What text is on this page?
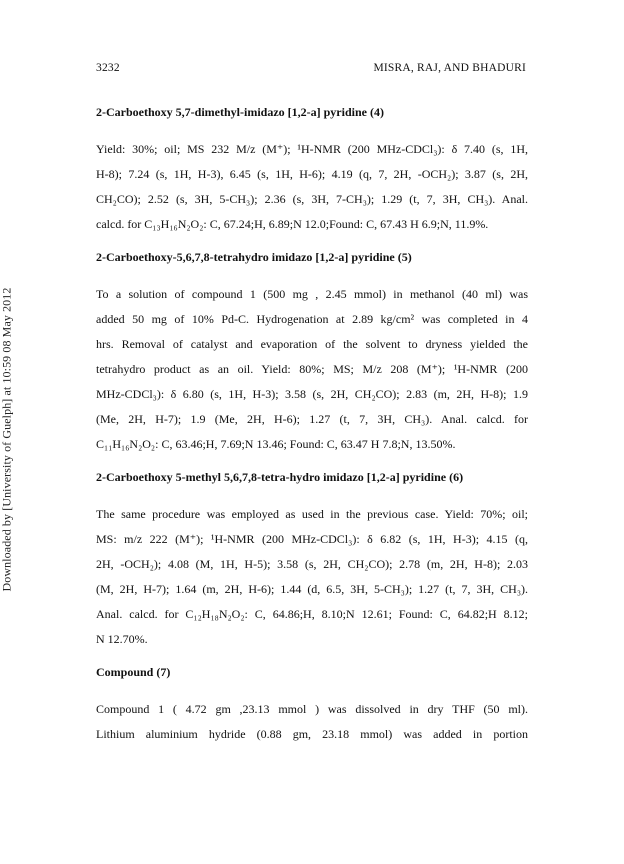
Downloaded by [University of Guelph] at 10:59 08 May 2012
3232	MISRA, RAJ, AND BHADURI
2-Carboethoxy 5,7-dimethyl-imidazo [1,2-a] pyridine (4)
Yield: 30%; oil; MS 232 M/z (M⁺); ¹H-NMR (200 MHz-CDCl₃): δ 7.40 (s, 1H,
H-8); 7.24 (s, 1H, H-3), 6.45 (s, 1H, H-6); 4.19 (q, 7, 2H, -OCH₂); 3.87 (s, 2H,
CH₂CO); 2.52 (s, 3H, 5-CH₃); 2.36 (s, 3H, 7-CH₃); 1.29 (t, 7, 3H, CH₃). Anal.
calcd. for C₁₃H₁₆N₂O₂: C, 67.24;H, 6.89;N 12.0;Found: C, 67.43 H 6.9;N, 11.9%.
2-Carboethoxy-5,6,7,8-tetrahydro imidazo [1,2-a] pyridine (5)
To a solution of compound 1 (500 mg , 2.45 mmol) in methanol (40 ml) was
added 50 mg of 10% Pd-C. Hydrogenation at 2.89 kg/cm² was completed in 4
hrs. Removal of catalyst and evaporation of the solvent to dryness yielded the
tetrahydro product as an oil. Yield: 80%; MS; M/z 208 (M⁺); ¹H-NMR (200
MHz-CDCl₃): δ 6.80 (s, 1H, H-3); 3.58 (s, 2H, CH₂CO); 2.83 (m, 2H, H-8); 1.9
(Me, 2H, H-7); 1.9 (Me, 2H, H-6); 1.27 (t, 7, 3H, CH₃). Anal. calcd. for
C₁₁H₁₆N₂O₂: C, 63.46;H, 7.69;N 13.46; Found: C, 63.47 H 7.8;N, 13.50%.
2-Carboethoxy 5-methyl 5,6,7,8-tetra-hydro imidazo [1,2-a] pyridine (6)
The same procedure was employed as used in the previous case. Yield: 70%; oil;
MS: m/z 222 (M⁺); ¹H-NMR (200 MHz-CDCl₃): δ 6.82 (s, 1H, H-3); 4.15 (q,
2H, -OCH₂); 4.08 (M, 1H, H-5); 3.58 (s, 2H, CH₂CO); 2.78 (m, 2H, H-8); 2.03
(M, 2H, H-7); 1.64 (m, 2H, H-6); 1.44 (d, 6.5, 3H, 5-CH₃); 1.27 (t, 7, 3H, CH₃).
Anal. calcd. for C₁₂H₁₈N₂O₂: C, 64.86;H, 8.10;N 12.61; Found: C, 64.82;H 8.12;
N 12.70%.
Compound (7)
Compound 1 ( 4.72 gm ,23.13 mmol ) was dissolved in dry THF (50 ml).
Lithium aluminium hydride (0.88 gm, 23.18 mmol) was added in portion
